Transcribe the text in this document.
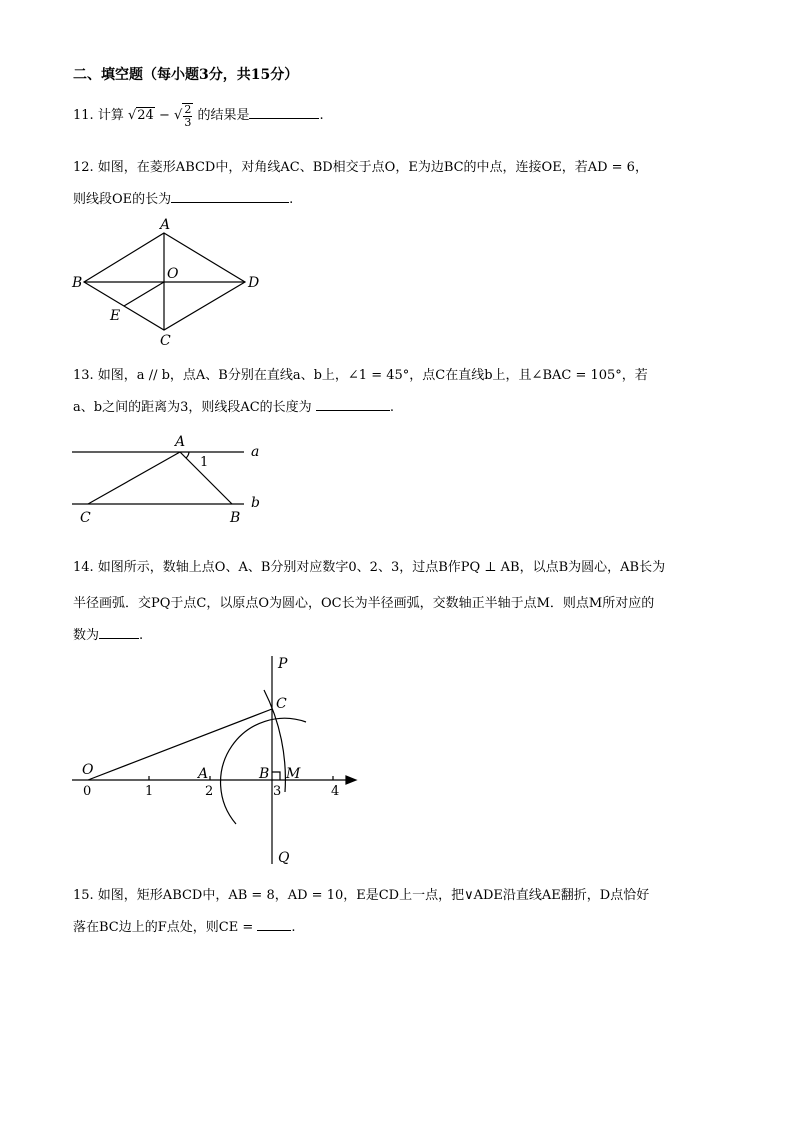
二、填空题（每小题3分，共15分）
11. 计算 √24 − √ $\frac{2}{3}$ 的结果是	.
12. 如图，在菱形ABCD中，对角线AC、BD相交于点O，E为边BC的中点，连接OE，若AD = 6，
则线段OE的长为	.
A
B
C
D
O
E
13. 如图，a // b，点A、B分别在直线a、b上，∠1 = 45°，点C在直线b上，且∠BAC = 105°，若
a、b之间的距离为3，则线段AC的长度为	.
A
C	B
a
b
1
14. 如图所示，数轴上点O、A、B分别对应数字0、2、3，过点B作PQ ⊥ AB，以点B为圆心，AB长为
半径画弧．交PQ于点C，以原点O为圆心，OC长为半径画弧，交数轴正半轴于点M．则点M所对应的
数为	.
P
Q
C
O	A	B M
0	1	2	3	4
15. 如图，矩形ABCD中，AB = 8，AD = 10，E是CD上一点，把∨ADE沿直线AE翻折，D点恰好
落在BC边上的F点处，则CE =	.
